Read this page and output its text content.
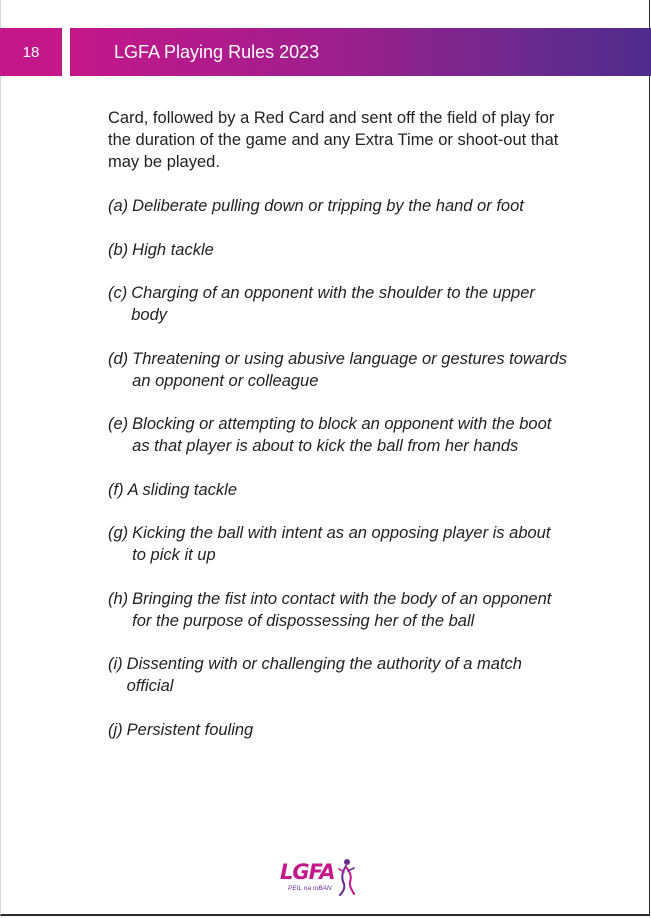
18	LGFA Playing Rules 2023

Card, followed by a Red Card and sent off the field of play for the duration of the game and any Extra Time or shoot-out that may be played.

(a) Deliberate pulling down or tripping by the hand or foot
(b) High tackle
(c) Charging of an opponent with the shoulder to the upper body
(d) Threatening or using abusive language or gestures towards an opponent or colleague
(e) Blocking or attempting to block an opponent with the boot as that player is about to kick the ball from her hands
(f) A sliding tackle
(g) Kicking the ball with intent as an opposing player is about to pick it up
(h) Bringing the fist into contact with the body of an opponent for the purpose of dispossessing her of the ball
(i) Dissenting with or challenging the authority of a match official
(j) Persistent fouling
LGFA
PEIL na mBAN
